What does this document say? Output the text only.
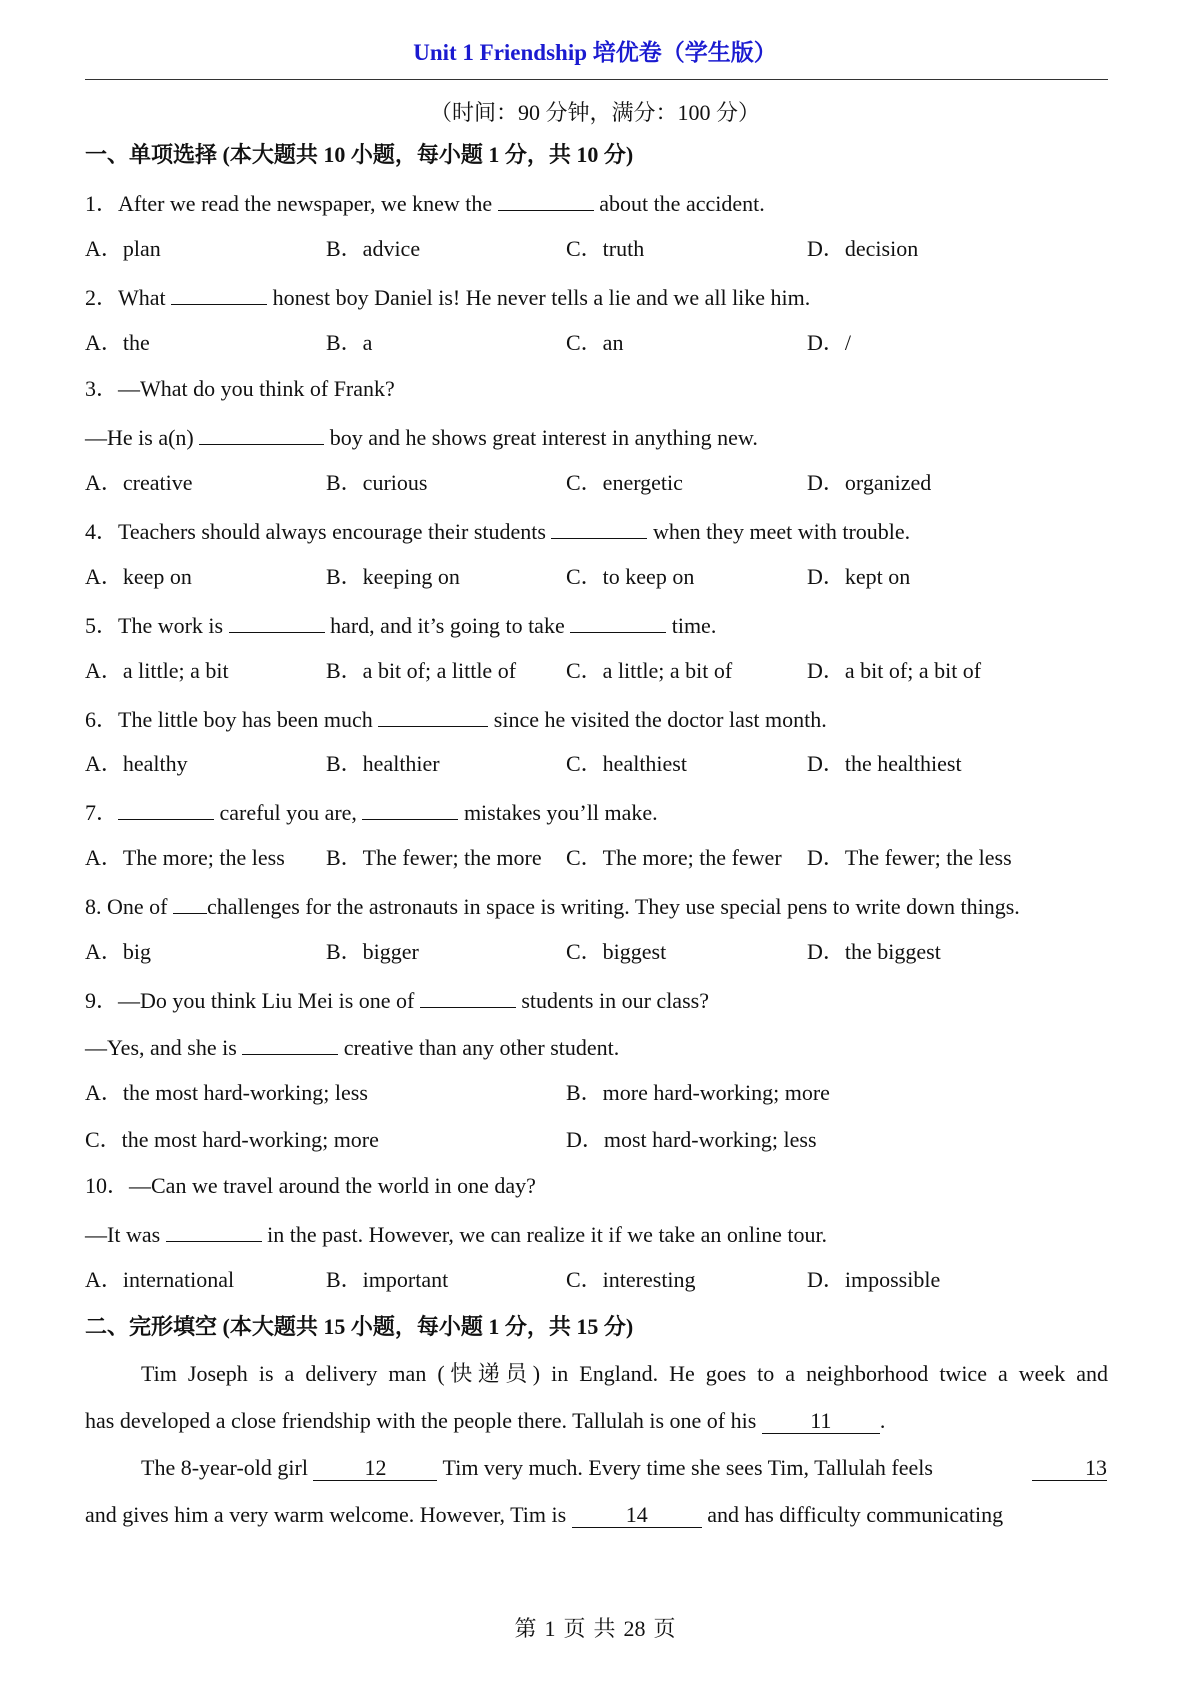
Unit 1 Friendship 培优卷（学生版）
（时间：90 分钟，满分：100 分）
一、单项选择 (本大题共 10 小题，每小题 1 分，共 10 分)
1．After we read the newspaper, we knew the	about the accident.
A．plan	B．advice	C．truth	D．decision
2．What	honest boy Daniel is! He never tells a lie and we all like him.
A．the	B．a	C．an	D．/
3．—What do you think of Frank?
—He is a(n)	boy and he shows great interest in anything new.
A．creative	B．curious	C．energetic	D．organized
4．Teachers should always encourage their students	when they meet with trouble.
A．keep on	B．keeping on	C．to keep on	D．kept on
5．The work is	hard, and it’s going to take	time.
A．a little; a bit	B．a bit of; a little of C．a little; a bit of	D．a bit of; a bit of
6．The little boy has been much	since he visited the doctor last month.
A．healthy	B．healthier	C．healthiest	D．the healthiest
7．	careful you are,	mistakes you’ll make.
A．The more; the less B．The fewer; the more C．The more; the fewer D．The fewer; the less
8. One of challenges for the astronauts in space is writing. They use special pens to write down things.
A．big	B．bigger	C．biggest	D．the biggest
9．—Do you think Liu Mei is one of	students in our class?
—Yes, and she is	creative than any other student.
A．the most hard-working; less	B．more hard-working; more
C．the most hard-working; more	D．most hard-working; less
10．—Can we travel around the world in one day?
—It was	in the past. However, we can realize it if we take an online tour.
A．international	B．important	C．interesting	D．impossible
二、完形填空 (本大题共 15 小题，每小题 1 分，共 15 分)
Tim Joseph is a delivery man (快递员) in England. He goes to a neighborhood twice a week and
has developed a close friendship with the people there. Tallulah is one of his 11 .
The 8-year-old girl 12 Tim very much. Every time she sees Tim, Tallulah feels	13
and gives him a very warm welcome. However, Tim is 14 and has difficulty communicating
第 1 页 共 28 页
